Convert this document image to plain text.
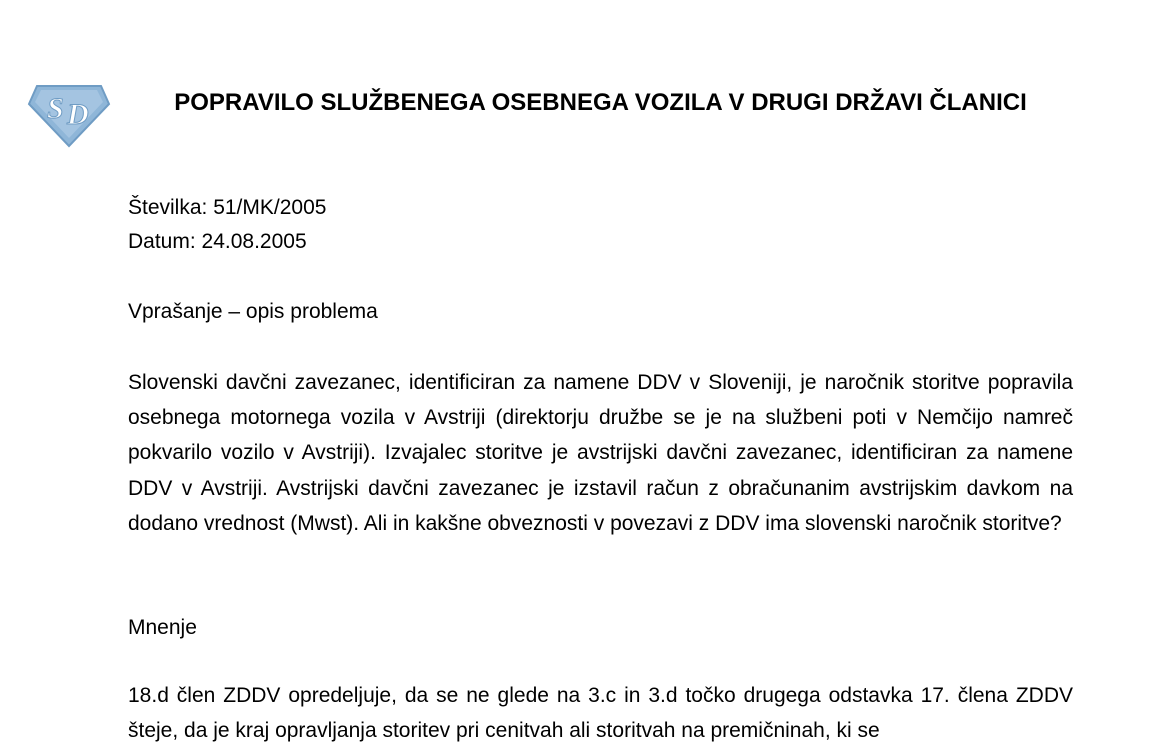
S D	POPRAVILO SLUŽBENEGA OSEBNEGA VOZILA V DRUGI DRŽAVI ČLANICI

Številka: 51/MK/2005

Datum: 24.08.2005

Vprašanje – opis problema

Slovenski davčni zavezanec, identificiran za namene DDV v Sloveniji, je naročnik storitve popravila osebnega motornega vozila v Avstriji (direktorju družbe se je na službeni poti v Nemčijo namreč pokvarilo vozilo v Avstriji). Izvajalec storitve je avstrijski davčni zavezanec, identificiran za namene DDV v Avstriji. Avstrijski davčni zavezanec je izstavil račun z obračunanim avstrijskim davkom na dodano vrednost (Mwst). Ali in kakšne obveznosti v povezavi z DDV ima slovenski naročnik storitve?

Mnenje

18.d člen ZDDV opredeljuje, da se ne glede na 3.c in 3.d točko drugega odstavka 17. člena ZDDV šteje, da je kraj opravljanja storitev pri cenitvah ali storitvah na premičninah, ki se
